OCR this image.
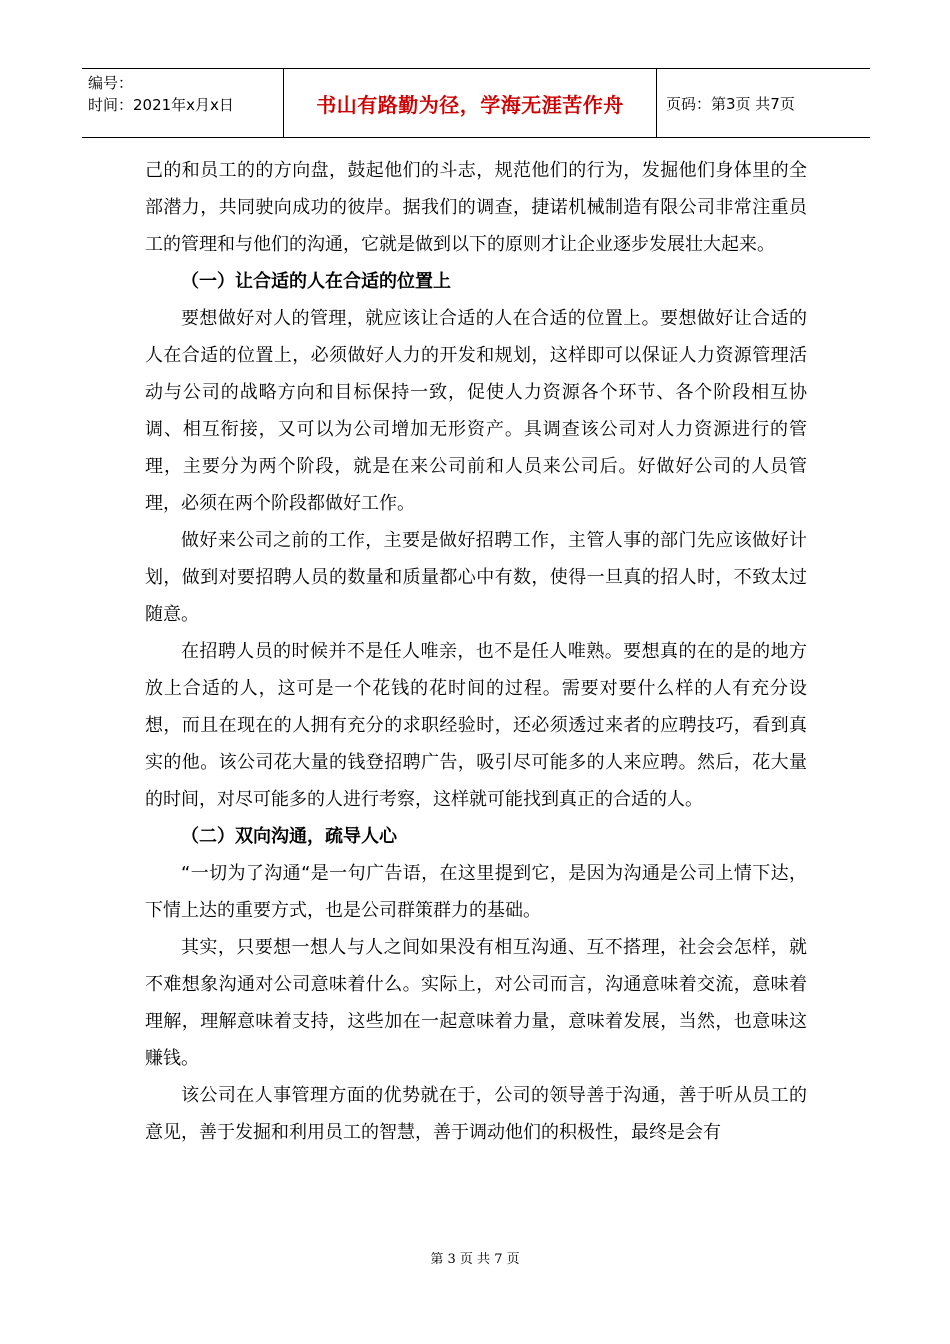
编号：
时间：2021年x月x日	书山有路勤为径，学海无涯苦作舟	页码：第3页 共7页

己的和员工的的方向盘，鼓起他们的斗志，规范他们的行为，发掘他们身体里的全部潜力，共同驶向成功的彼岸。据我们的调查，捷诺机械制造有限公司非常注重员工的管理和与他们的沟通，它就是做到以下的原则才让企业逐步发展壮大起来。

（一）让合适的人在合适的位置上

要想做好对人的管理，就应该让合适的人在合适的位置上。要想做好让合适的人在合适的位置上，必须做好人力的开发和规划，这样即可以保证人力资源管理活动与公司的战略方向和目标保持一致，促使人力资源各个环节、各个阶段相互协调、相互衔接，又可以为公司增加无形资产。具调查该公司对人力资源进行的管理，主要分为两个阶段，就是在来公司前和人员来公司后。好做好公司的人员管理，必须在两个阶段都做好工作。

做好来公司之前的工作，主要是做好招聘工作，主管人事的部门先应该做好计划，做到对要招聘人员的数量和质量都心中有数，使得一旦真的招人时，不致太过随意。

在招聘人员的时候并不是任人唯亲，也不是任人唯熟。要想真的在的是的地方放上合适的人，这可是一个花钱的花时间的过程。需要对要什么样的人有充分设想，而且在现在的人拥有充分的求职经验时，还必须透过来者的应聘技巧，看到真实的他。该公司花大量的钱登招聘广告，吸引尽可能多的人来应聘。然后，花大量的时间，对尽可能多的人进行考察，这样就可能找到真正的合适的人。

（二）双向沟通，疏导人心

“一切为了沟通“是一句广告语，在这里提到它，是因为沟通是公司上情下达，下情上达的重要方式，也是公司群策群力的基础。

其实，只要想一想人与人之间如果没有相互沟通、互不搭理，社会会怎样，就不难想象沟通对公司意味着什么。实际上，对公司而言，沟通意味着交流，意味着理解，理解意味着支持，这些加在一起意味着力量，意味着发展，当然，也意味这赚钱。

该公司在人事管理方面的优势就在于，公司的领导善于沟通，善于听从员工的意见，善于发掘和利用员工的智慧，善于调动他们的积极性，最终是会有

第 3 页 共 7 页
